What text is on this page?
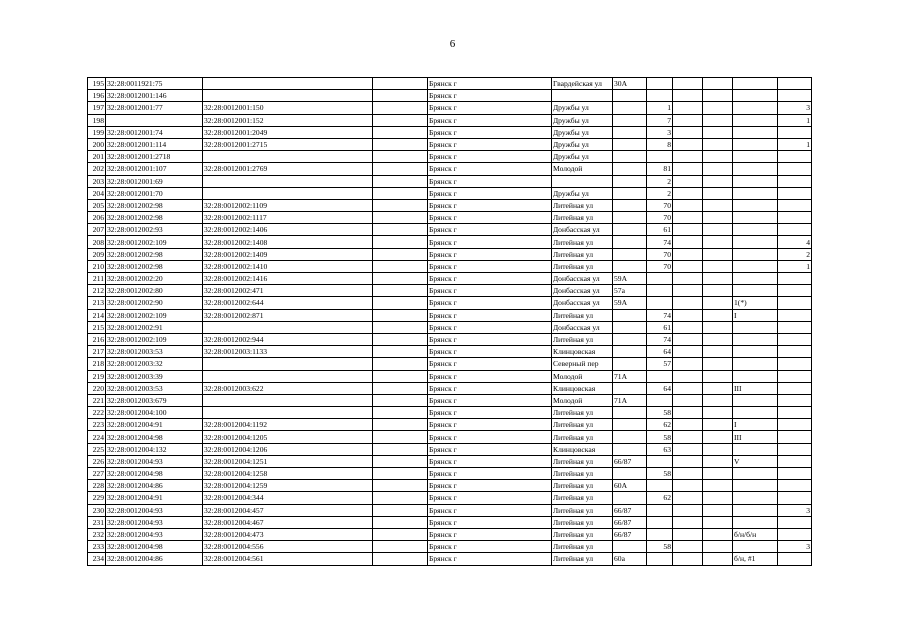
6
195	32:28:0011921:75			Брянск г	Гвардейская ул	30А					
196	32:28:0012001:146			Брянск г							
197	32:28:0012001:77	32:28:0012001:150		Брянск г	Дружбы ул		1				3
198		32:28:0012001:152		Брянск г	Дружбы ул		7				1
199	32:28:0012001:74	32:28:0012001:2049		Брянск г	Дружбы ул		3				
200	32:28:0012001:114	32:28:0012001:2715		Брянск г	Дружбы ул		8				1
201	32:28:0012001:2718			Брянск г	Дружбы ул						
202	32:28:0012001:107	32:28:0012001:2769		Брянск г	Молодой		81				
203	32:28:0012001:69			Брянск г			2				
204	32:28:0012001:70			Брянск г	Дружбы ул		2				
205	32:28:0012002:98	32:28:0012002:1109		Брянск г	Литейная ул		70				
206	32:28:0012002:98	32:28:0012002:1117		Брянск г	Литейная ул		70				
207	32:28:0012002:93	32:28:0012002:1406		Брянск г	Донбасская ул		61				
208	32:28:0012002:109	32:28:0012002:1408		Брянск г	Литейная ул		74				4
209	32:28:0012002:98	32:28:0012002:1409		Брянск г	Литейная ул		70				2
210	32:28:0012002:98	32:28:0012002:1410		Брянск г	Литейная ул		70				1
211	32:28:0012002:20	32:28:0012002:1416		Брянск г	Донбасская ул	59А					
212	32:28:0012002:80	32:28:0012002:471		Брянск г	Донбасская ул	57а					
213	32:28:0012002:90	32:28:0012002:644		Брянск г	Донбасская ул	59А				1(*)	
214	32:28:0012002:109	32:28:0012002:871		Брянск г	Литейная ул		74			I	
215	32:28:0012002:91			Брянск г	Донбасская ул		61				
216	32:28:0012002:109	32:28:0012002:944		Брянск г	Литейная ул		74				
217	32:28:0012003:53	32:28:0012003:1133		Брянск г	Клинцовская		64				
218	32:28:0012003:32			Брянск г	Северный пер		57				
219	32:28:0012003:39			Брянск г	Молодой	71А					
220	32:28:0012003:53	32:28:0012003:622		Брянск г	Клинцовская		64			III	
221	32:28:0012003:679			Брянск г	Молодой	71А					
222	32:28:0012004:100			Брянск г	Литейная ул		58				
223	32:28:0012004:91	32:28:0012004:1192		Брянск г	Литейная ул		62			I	
224	32:28:0012004:98	32:28:0012004:1205		Брянск г	Литейная ул		58			III	
225	32:28:0012004:132	32:28:0012004:1206		Брянск г	Клинцовская		63				
226	32:28:0012004:93	32:28:0012004:1251		Брянск г	Литейная ул	66/87				V	
227	32:28:0012004:98	32:28:0012004:1258		Брянск г	Литейная ул		58				
228	32:28:0012004:86	32:28:0012004:1259		Брянск г	Литейная ул	60А					
229	32:28:0012004:91	32:28:0012004:344		Брянск г	Литейная ул		62				
230	32:28:0012004:93	32:28:0012004:457		Брянск г	Литейная ул	66/87					3
231	32:28:0012004:93	32:28:0012004:467		Брянск г	Литейная ул	66/87					
232	32:28:0012004:93	32:28:0012004:473		Брянск г	Литейная ул	66/87				б/н/б/н	
233	32:28:0012004:98	32:28:0012004:556		Брянск г	Литейная ул		58				3
234	32:28:0012004:86	32:28:0012004:561		Брянск г	Литейная ул	60а				б/н, #1	
